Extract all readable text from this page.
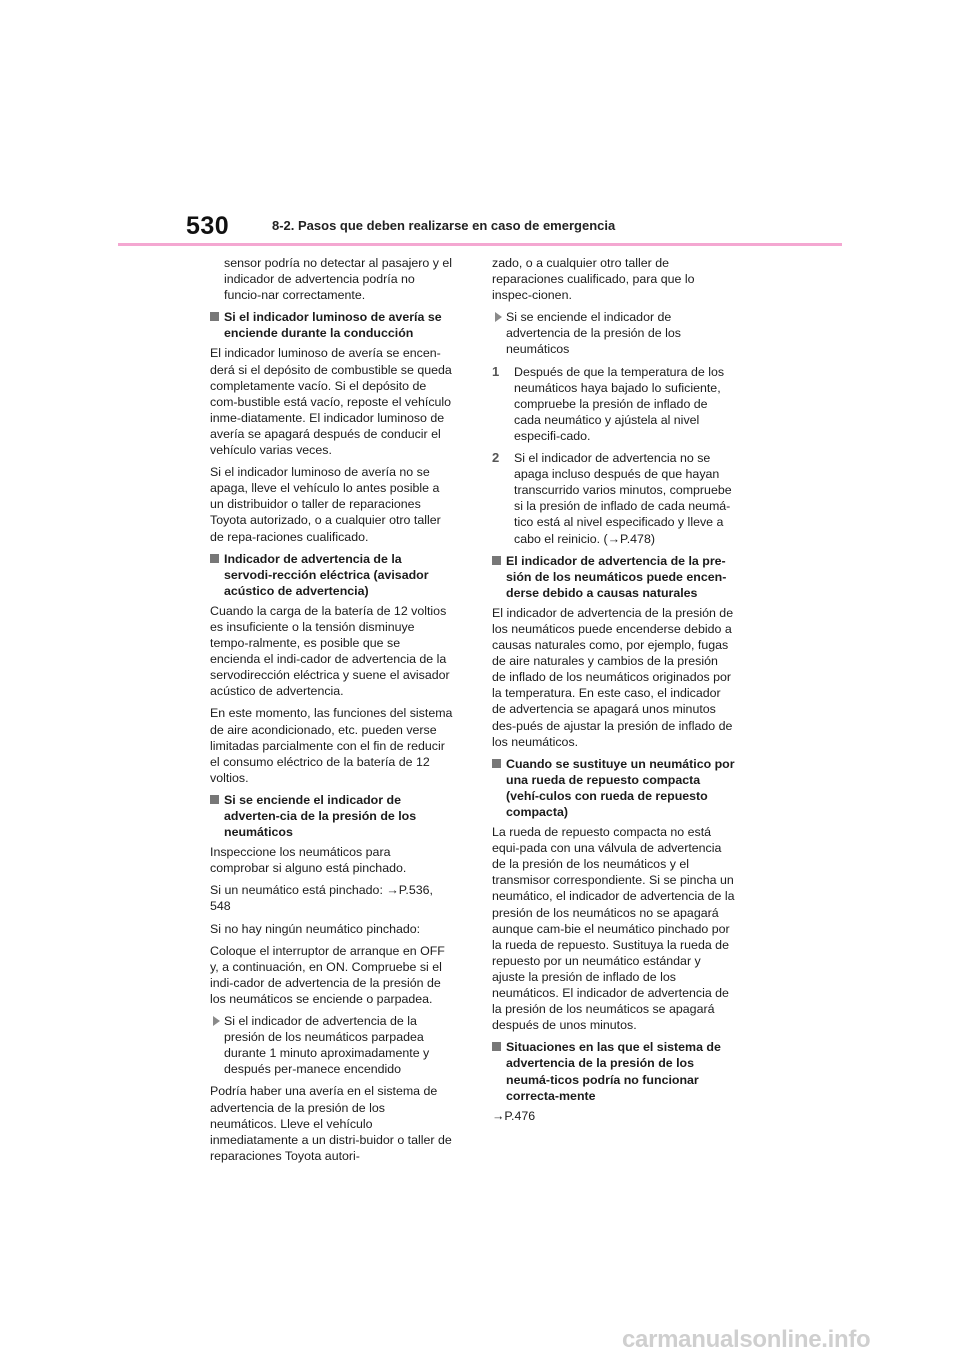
530	8-2. Pasos que deben realizarse en caso de emergencia

sensor podría no detectar al pasajero y el indicador de advertencia podría no funcio-nar correctamente.

Si el indicador luminoso de avería se enciende durante la conducción

El indicador luminoso de avería se encen-derá si el depósito de combustible se queda completamente vacío. Si el depósito de com-bustible está vacío, reposte el vehículo inme-diatamente. El indicador luminoso de avería se apagará después de conducir el vehículo varias veces.

Si el indicador luminoso de avería no se apaga, lleve el vehículo lo antes posible a un distribuidor o taller de reparaciones Toyota autorizado, o a cualquier otro taller de repa-raciones cualificado.

Indicador de advertencia de la servodi-rección eléctrica (avisador acústico de advertencia)

Cuando la carga de la batería de 12 voltios es insuficiente o la tensión disminuye tempo-ralmente, es posible que se encienda el indi-cador de advertencia de la servodirección eléctrica y suene el avisador acústico de advertencia.

En este momento, las funciones del sistema de aire acondicionado, etc. pueden verse limitadas parcialmente con el fin de reducir el consumo eléctrico de la batería de 12 voltios.

Si se enciende el indicador de adverten-cia de la presión de los neumáticos

Inspeccione los neumáticos para comprobar si alguno está pinchado.

Si un neumático está pinchado: →P.536, 548

Si no hay ningún neumático pinchado:

Coloque el interruptor de arranque en OFF y, a continuación, en ON. Compruebe si el indi-cador de advertencia de la presión de los neumáticos se enciende o parpadea.

Si el indicador de advertencia de la presión de los neumáticos parpadea durante 1 minuto aproximadamente y después per-manece encendido

Podría haber una avería en el sistema de advertencia de la presión de los neumáticos. Lleve el vehículo inmediatamente a un distri-buidor o taller de reparaciones Toyota autori-

zado, o a cualquier otro taller de reparaciones cualificado, para que lo inspec-cionen.

Si se enciende el indicador de advertencia de la presión de los neumáticos
1 Después de que la temperatura de los neumáticos haya bajado lo suficiente, compruebe la presión de inflado de cada neumático y ajústela al nivel especifi-cado.
2 Si el indicador de advertencia no se apaga incluso después de que hayan transcurrido varios minutos, compruebe si la presión de inflado de cada neumá-tico está al nivel especificado y lleve a cabo el reinicio. (→P.478)
El indicador de advertencia de la pre-sión de los neumáticos puede encen-derse debido a causas naturales

El indicador de advertencia de la presión de los neumáticos puede encenderse debido a causas naturales como, por ejemplo, fugas de aire naturales y cambios de la presión de inflado de los neumáticos originados por la temperatura. En este caso, el indicador de advertencia se apagará unos minutos des-pués de ajustar la presión de inflado de los neumáticos.

Cuando se sustituye un neumático por una rueda de repuesto compacta (vehí-culos con rueda de repuesto compacta)

La rueda de repuesto compacta no está equi-pada con una válvula de advertencia de la presión de los neumáticos y el transmisor correspondiente. Si se pincha un neumático, el indicador de advertencia de la presión de los neumáticos no se apagará aunque cam-bie el neumático pinchado por la rueda de repuesto. Sustituya la rueda de repuesto por un neumático estándar y ajuste la presión de inflado de los neumáticos. El indicador de advertencia de la presión de los neumáticos se apagará después de unos minutos.

Situaciones en las que el sistema de advertencia de la presión de los neumá-ticos podría no funcionar correcta-mente

→P.476

carmanualsonline.info
